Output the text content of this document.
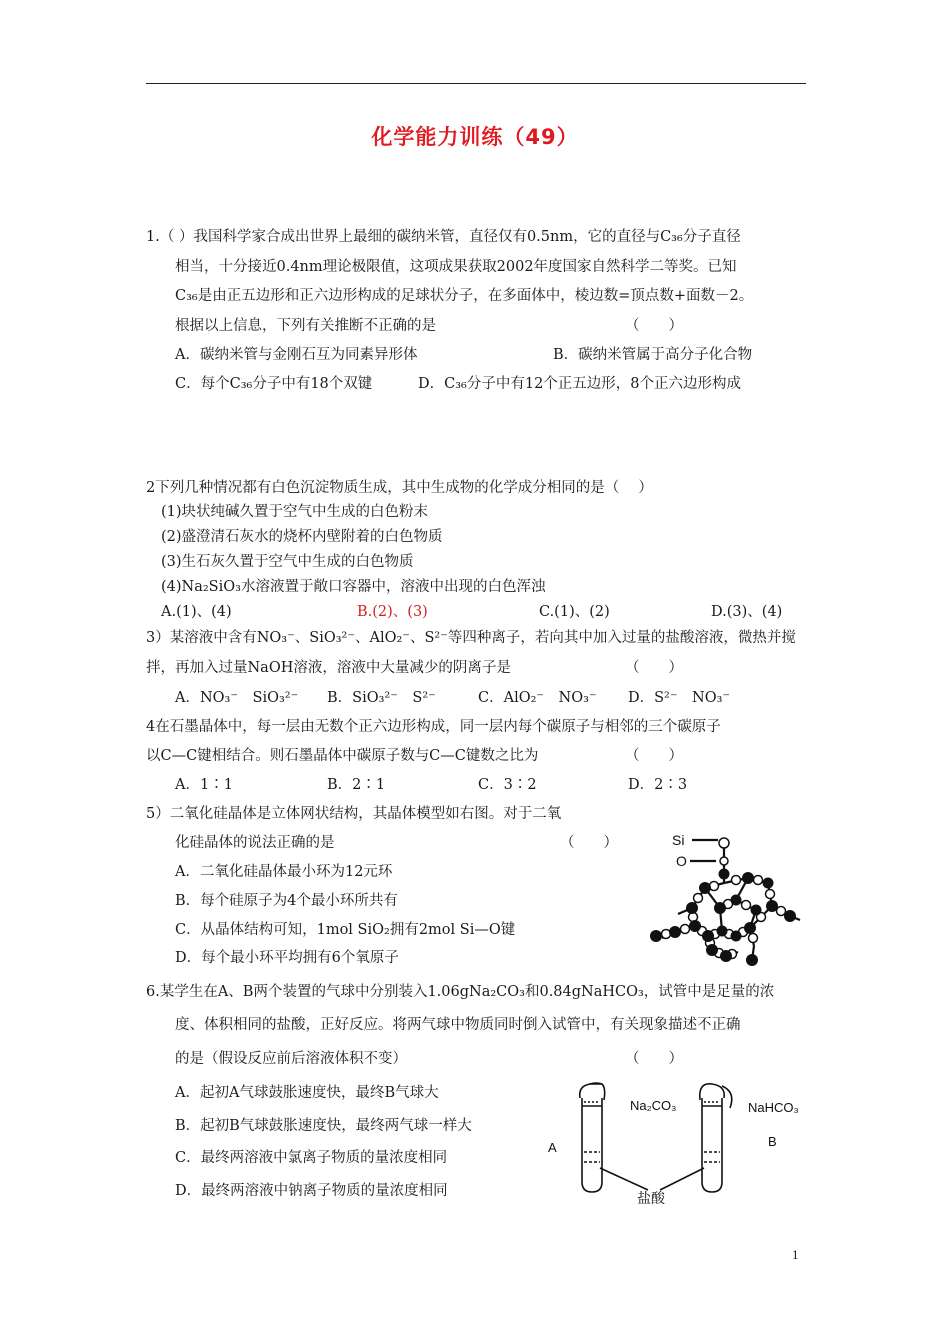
化学能力训练（49）
1.（ ）我国科学家合成出世界上最细的碳纳米管，直径仅有0.5nm，它的直径与C₃₆分子直径
相当，十分接近0.4nm理论极限值，这项成果获取2002年度国家自然科学二等奖。已知
C₃₆是由正五边形和正六边形构成的足球状分子，在多面体中，棱边数=顶点数+面数－2。
根据以上信息，下列有关推断不正确的是	（　　）
A．碳纳米管与金刚石互为同素异形体	B．碳纳米管属于高分子化合物
C．每个C₃₆分子中有18个双键	D．C₃₆分子中有12个正五边形，8个正六边形构成
2下列几种情况都有白色沉淀物质生成，其中生成物的化学成分相同的是（　 ）
(1)块状纯碱久置于空气中生成的白色粉末
(2)盛澄清石灰水的烧杯内壁附着的白色物质
(3)生石灰久置于空气中生成的白色物质
(4)Na₂SiO₃水溶液置于敞口容器中，溶液中出现的白色浑浊
A.(1)、(4)	B.(2)、(3)	C.(1)、(2)	D.(3)、(4)
3）某溶液中含有NO₃⁻、SiO₃²⁻、AlO₂⁻、S²⁻等四种离子，若向其中加入过量的盐酸溶液，微热并搅
拌，再加入过量NaOH溶液，溶液中大量减少的阴离子是	（　　）
A．NO₃⁻　SiO₃²⁻ B．SiO₃²⁻　S²⁻	C．AlO₂⁻　NO₃⁻ D．S²⁻　NO₃⁻
4在石墨晶体中，每一层由无数个正六边形构成，同一层内每个碳原子与相邻的三个碳原子
以C—C键相结合。则石墨晶体中碳原子数与C—C键数之比为	（　　）
A．1∶1	B．2∶1	C．3∶2	D．2∶3
5）二氧化硅晶体是立体网状结构，其晶体模型如右图。对于二氧
化硅晶体的说法正确的是	（　　）
A．二氧化硅晶体最小环为12元环
B．每个硅原子为4个最小环所共有
C．从晶体结构可知，1mol SiO₂拥有2mol Si—O键
D．每个最小环平均拥有6个氧原子
Si
O
6.某学生在A、B两个装置的气球中分别装入1.06gNa₂CO₃和0.84gNaHCO₃，试管中是足量的浓
度、体积相同的盐酸，正好反应。将两气球中物质同时倒入试管中，有关现象描述不正确
的是（假设反应前后溶液体积不变）	（　　）
A．起初A气球鼓胀速度快，最终B气球大
B．起初B气球鼓胀速度快，最终两气球一样大
C．最终两溶液中氯离子物质的量浓度相同
D．最终两溶液中钠离子物质的量浓度相同
Na₂CO₃	NaHCO₃
A	B
盐酸
1
